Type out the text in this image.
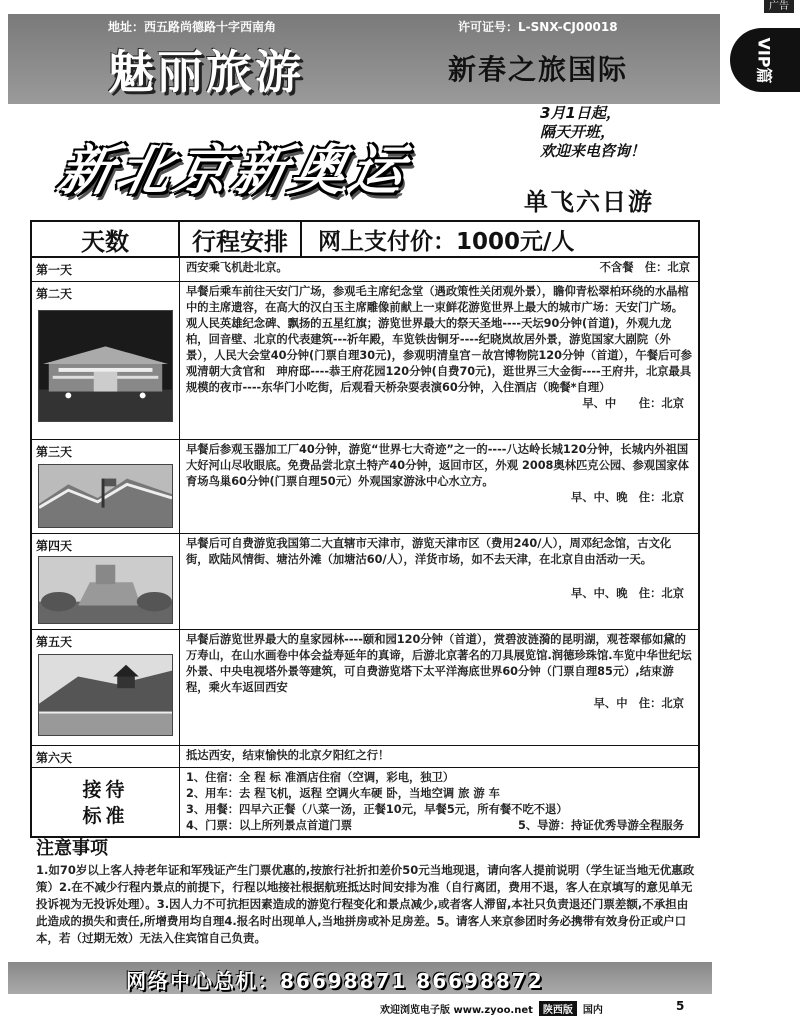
广告
地址：西五路尚德路十字西南角	许可证号：L-SNX-CJ00018
魅丽旅游	新春之旅国际	VIP篇
3月1日起，
隔天开班，
欢迎来电咨询！
新北京新奥运	单飞六日游
天数	行程安排	网上支付价：1000元/人
第一天	西安乘飞机赴北京。	不含餐　住：北京
第二天	早餐后乘车前往天安门广场，参观毛主席纪念堂（遇政策性关闭观外景），瞻仰青松翠柏环绕的水晶棺中的主席遗容，在高大的汉白玉主席雕像前献上一束鲜花游览世界上最大的城市广场：天安门广场。观人民英雄纪念碑、飘扬的五星红旗；游览世界最大的祭天圣地----天坛90分钟(首道)，外观九龙柏，回音壁、北京的代表建筑---祈年殿，车览铁齿铜牙----纪晓岚故居外景，游览国家大剧院（外景），人民大会堂40分钟(门票自理30元)，参观明清皇宫－故宫博物院120分钟（首道），午餐后可参观清朝大贪官和　珅府邸----恭王府花园120分钟(自费70元)，逛世界三大金街----王府井，北京最具规模的夜市----东华门小吃街，后观看天桥杂耍表演60分钟，入住酒店（晚餐*自理）
早、中　　住：北京
第三天	早餐后参观玉器加工厂40分钟，游览“世界七大奇迹”之一的----八达岭长城120分钟，长城内外祖国大好河山尽收眼底。免费品尝北京土特产40分钟，返回市区，外观 2008奥林匹克公园、参观国家体育场鸟巢60分钟(门票自理50元）外观国家游泳中心水立方。
早、中、晚　住：北京
第四天	早餐后可自费游览我国第二大直辖市天津市，游览天津市区（费用240/人），周邓纪念馆，古文化街，欧陆风情街、塘沽外滩（加塘沽60/人），洋货市场，如不去天津，在北京自由活动一天。
早、中、晚　住：北京
第五天	早餐后游览世界最大的皇家园林----颐和园120分钟（首道），赏碧波涟漪的昆明湖，观苍翠郁如黛的万寿山，在山水画卷中体会益寿延年的真谛，后游北京著名的刀具展览馆.润德珍珠馆.车览中华世纪坛外景、中央电视塔外景等建筑，可自费游览塔下太平洋海底世界60分钟（门票自理85元）,结束游程，乘火车返回西安
早、中　住：北京
第六天	抵达西安，结束愉快的北京夕阳红之行！
接待
标准
1、住宿：全 程 标 准酒店住宿（空调，彩电，独卫）
2、用车：去 程飞机，返程 空调火车硬 卧，当地空调 旅 游 车
3、用餐：四早六正餐（八菜一汤，正餐10元，早餐5元，所有餐不吃不退）
4、门票：以上所列景点首道门票	5、导游：持证优秀导游全程服务
注意事项
1.如70岁以上客人持老年证和军残证产生门票优惠的,按旅行社折扣差价50元当地现退，请向客人提前说明（学生证当地无优惠政策）2.在不减少行程内景点的前提下，行程以地接社根据航班抵达时间安排为准（自行离团，费用不退，客人在京填写的意见单无投诉视为无投诉处理）。3.因人力不可抗拒因素造成的游览行程变化和景点减少,或者客人滞留,本社只负责退还门票差额,不承担由此造成的损失和责任,所增费用均自理4.报名时出现单人,当地拼房或补足房差。5。请客人来京参团时务必携带有效身份正或户口本，若（过期无效）无法入住宾馆自己负责。
网络中心总机：86698871 86698872
欢迎浏览电子版 www.zyoo.net	陕西版	国内	5
